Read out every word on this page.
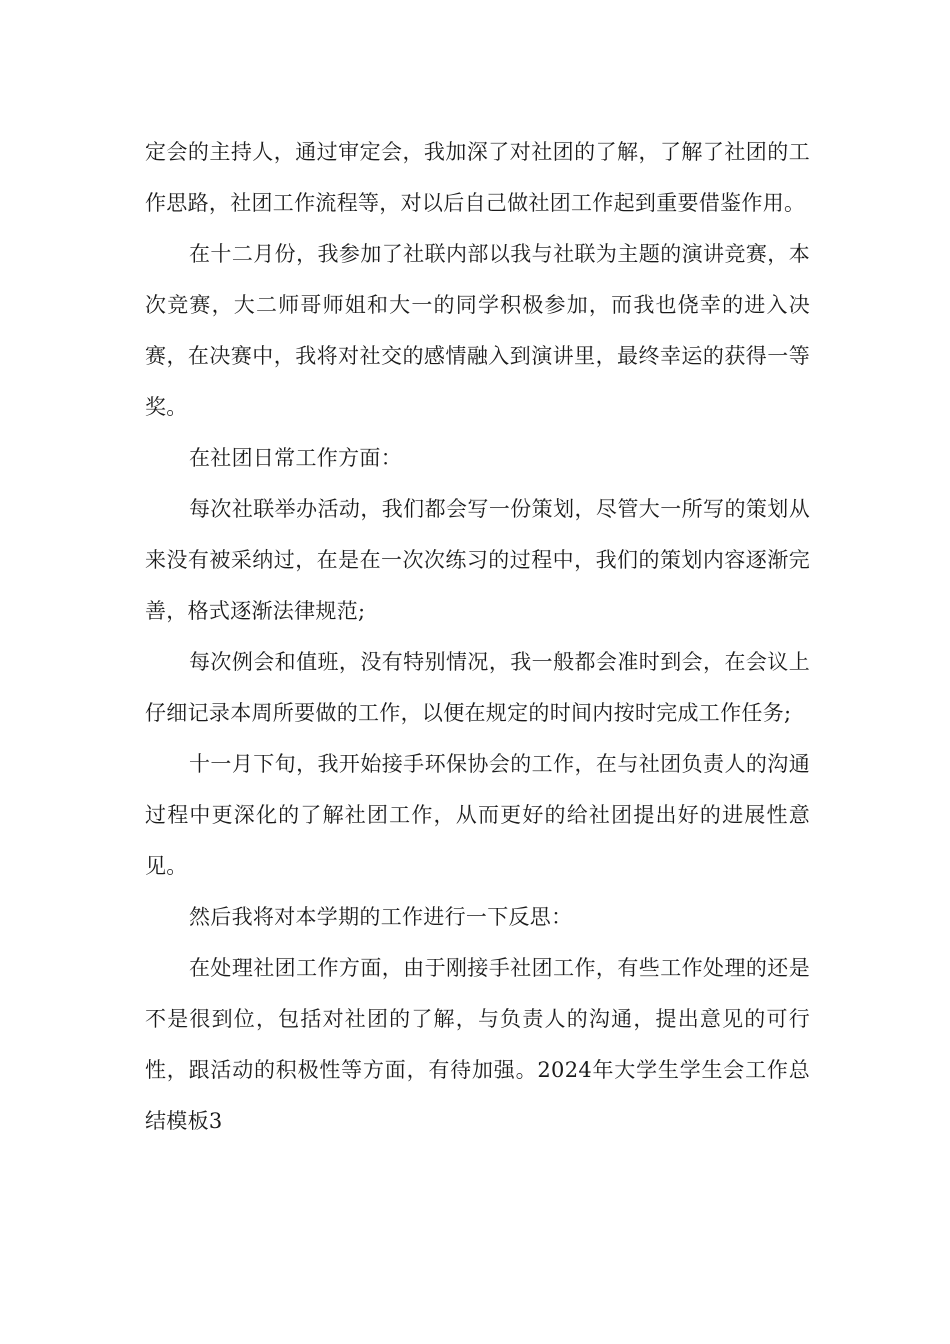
定会的主持人，通过审定会，我加深了对社团的了解，了解了社团的工作思路，社团工作流程等，对以后自己做社团工作起到重要借鉴作用。

在十二月份，我参加了社联内部以我与社联为主题的演讲竞赛，本次竞赛，大二师哥师姐和大一的同学积极参加，而我也侥幸的进入决赛，在决赛中，我将对社交的感情融入到演讲里，最终幸运的获得一等奖。

在社团日常工作方面：

每次社联举办活动，我们都会写一份策划，尽管大一所写的策划从来没有被采纳过，在是在一次次练习的过程中，我们的策划内容逐渐完善，格式逐渐法律规范;

每次例会和值班，没有特别情况，我一般都会准时到会，在会议上仔细记录本周所要做的工作，以便在规定的时间内按时完成工作任务;

十一月下旬，我开始接手环保协会的工作，在与社团负责人的沟通过程中更深化的了解社团工作，从而更好的给社团提出好的进展性意见。

然后我将对本学期的工作进行一下反思：

在处理社团工作方面，由于刚接手社团工作，有些工作处理的还是不是很到位，包括对社团的了解，与负责人的沟通，提出意见的可行性，跟活动的积极性等方面，有待加强。2024年大学生学生会工作总结模板3
